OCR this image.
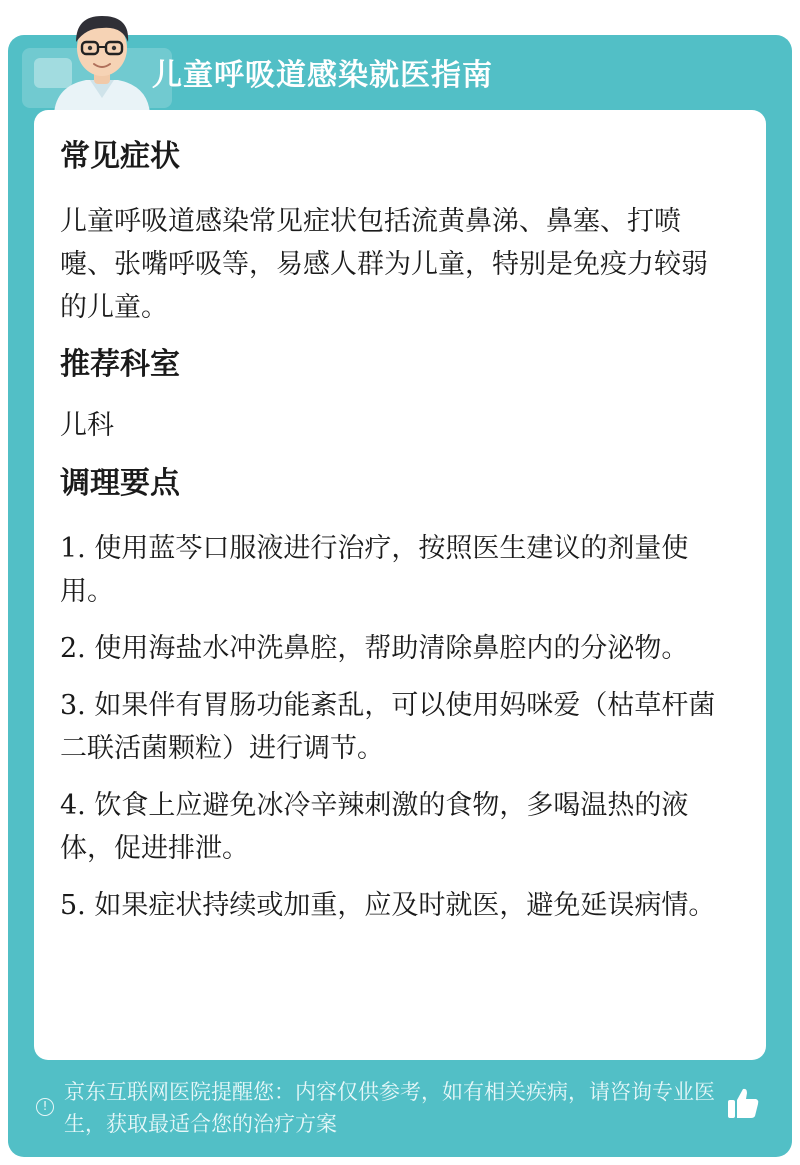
儿童呼吸道感染就医指南
常见症状
儿童呼吸道感染常见症状包括流黄鼻涕、鼻塞、打喷嚏、张嘴呼吸等，易感人群为儿童，特别是免疫力较弱的儿童。
推荐科室
儿科
调理要点
1. 使用蓝芩口服液进行治疗，按照医生建议的剂量使用。
2. 使用海盐水冲洗鼻腔，帮助清除鼻腔内的分泌物。
3. 如果伴有胃肠功能紊乱，可以使用妈咪爱（枯草杆菌二联活菌颗粒）进行调节。
4. 饮食上应避免冰冷辛辣刺激的食物，多喝温热的液体，促进排泄。
5. 如果症状持续或加重，应及时就医，避免延误病情。
!
京东互联网医院提醒您：内容仅供参考，如有相关疾病，请咨询专业医生，获取最适合您的治疗方案
